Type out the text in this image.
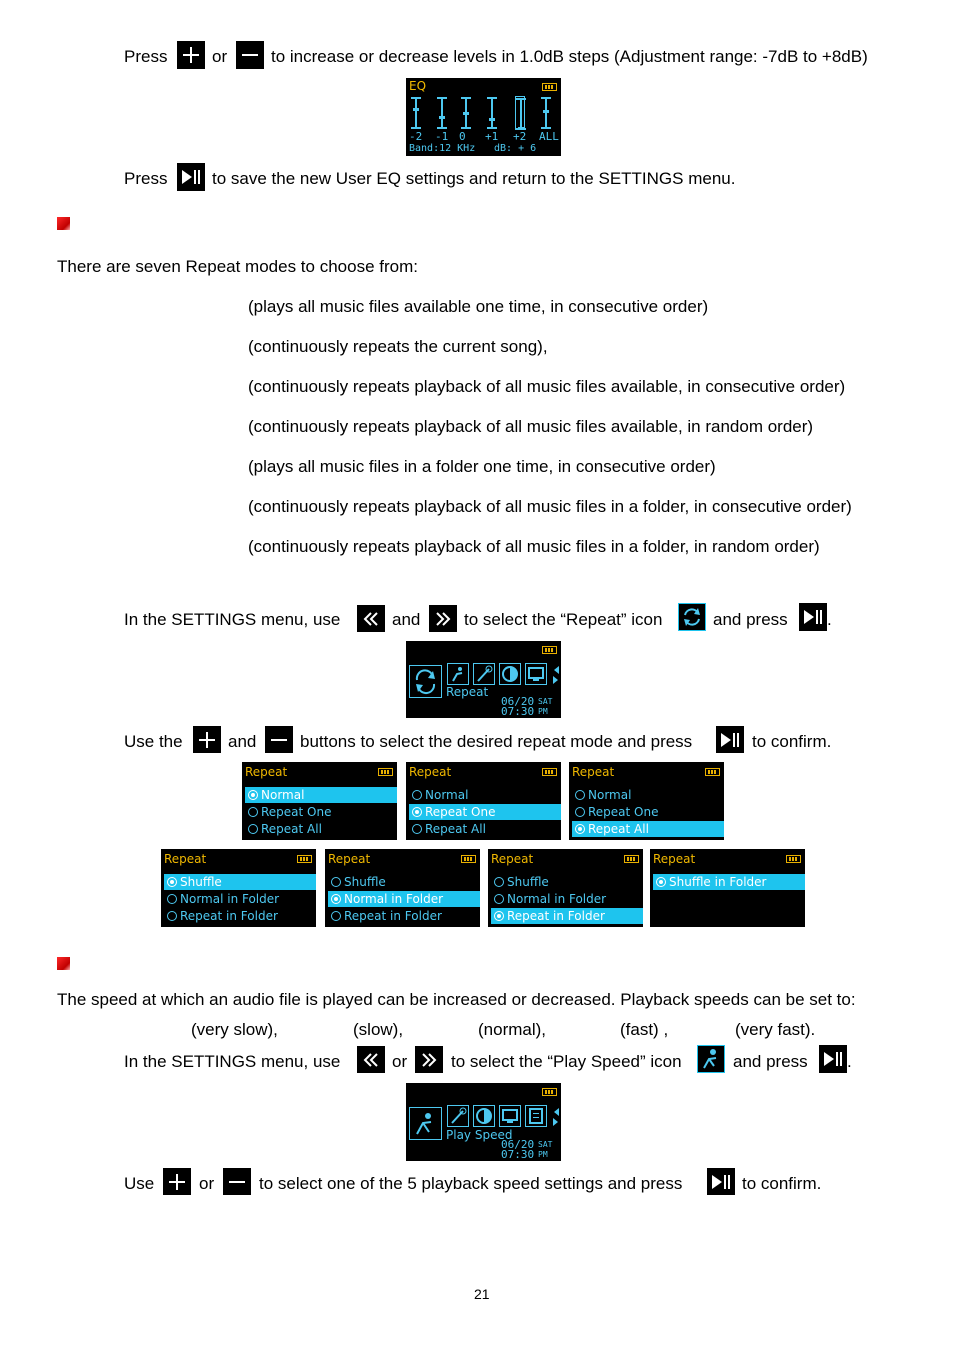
Press	or	to increase or decrease levels in 1.0dB steps (Adjustment range: -7dB to +8dB)
EQ
-2 -1 0 +1 +2 ALL
Band:12 KHz dB: + 6
Press	to save the new User EQ settings and return to the SETTINGS menu.
There are seven Repeat modes to choose from:
(plays all music files available one time, in consecutive order)
(continuously repeats the current song),
(continuously repeats playback of all music files available, in consecutive order)
(continuously repeats playback of all music files available, in random order)
(plays all music files in a folder one time, in consecutive order)
(continuously repeats playback of all music files in a folder, in consecutive order)
(continuously repeats playback of all music files in a folder, in random order)
In the SETTINGS menu, use	and	to select the “Repeat” icon	and press .
Repeat
06/20 SAT
07:30 PM
Use the	and	buttons to select the desired repeat mode and press	to confirm.
Repeat
Normal
Repeat One
Repeat All
Repeat
Normal
Repeat One
Repeat All
Repeat
Normal
Repeat One
Repeat All
Repeat
Shuffle
Normal in Folder
Repeat in Folder
Repeat
Shuffle
Normal in Folder
Repeat in Folder
Repeat
Shuffle
Normal in Folder
Repeat in Folder
Repeat
Shuffle in Folder
The speed at which an audio file is played can be increased or decreased. Playback speeds can be set to:
(very slow),	(slow),	(normal),	(fast) ,	(very fast).
In the SETTINGS menu, use	or	to select the “Play Speed” icon	and press .
Play Speed
06/20 SAT
07:30 PM
Use	or	to select one of the 5 playback speed settings and press	to confirm.
21
